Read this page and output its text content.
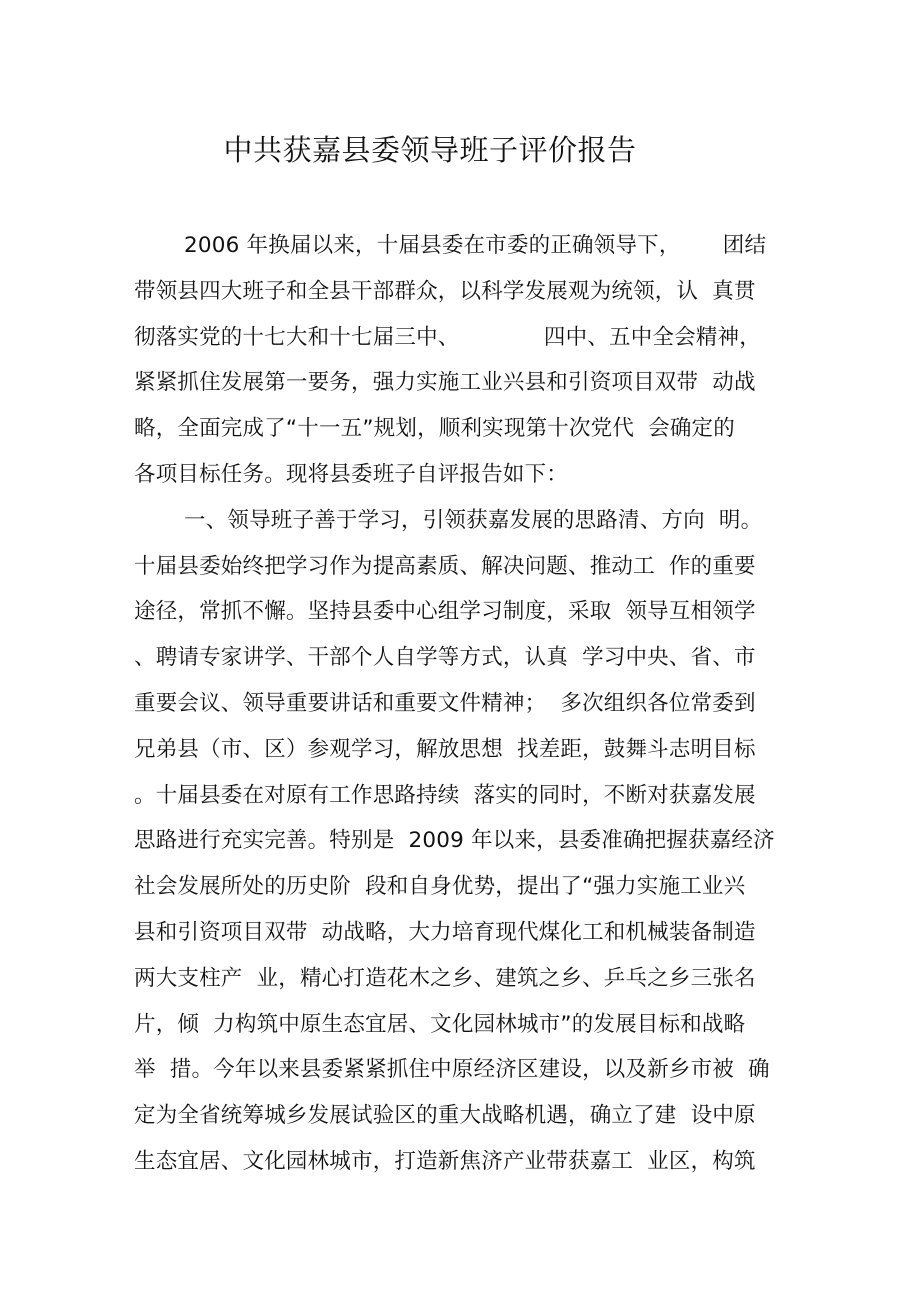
中共获嘉县委领导班子评价报告
2006 年换届以来，十届县委在市委的正确领导下，      团结
带领县四大班子和全县干部群众，以科学发展观为统领，认  真贯
彻落实党的十七大和十七届三中、            四中、五中全会精神，
紧紧抓住发展第一要务，强力实施工业兴县和引资项目双带  动战
略，全面完成了“十一五”规划，顺利实现第十次党代  会确定的
各项目标任务。现将县委班子自评报告如下：
一、领导班子善于学习，引领获嘉发展的思路清、方向  明。
十届县委始终把学习作为提高素质、解决问题、推动工  作的重要
途径，常抓不懈。坚持县委中心组学习制度，采取  领导互相领学
、聘请专家讲学、干部个人自学等方式，认真  学习中央、省、市
重要会议、领导重要讲话和重要文件精神；  多次组织各位常委到
兄弟县（市、区）参观学习，解放思想  找差距，鼓舞斗志明目标
。十届县委在对原有工作思路持续  落实的同时，不断对获嘉发展
思路进行充实完善。特别是  2009 年以来，县委准确把握获嘉经济
社会发展所处的历史阶  段和自身优势，提出了“强力实施工业兴
县和引资项目双带  动战略，大力培育现代煤化工和机械装备制造
两大支柱产  业，精心打造花木之乡、建筑之乡、乒乓之乡三张名
片，倾  力构筑中原生态宜居、文化园林城市”的发展目标和战略
举  措。今年以来县委紧紧抓住中原经济区建设，以及新乡市被  确
定为全省统筹城乡发展试验区的重大战略机遇，确立了建  设中原
生态宜居、文化园林城市，打造新焦济产业带获嘉工  业区，构筑
